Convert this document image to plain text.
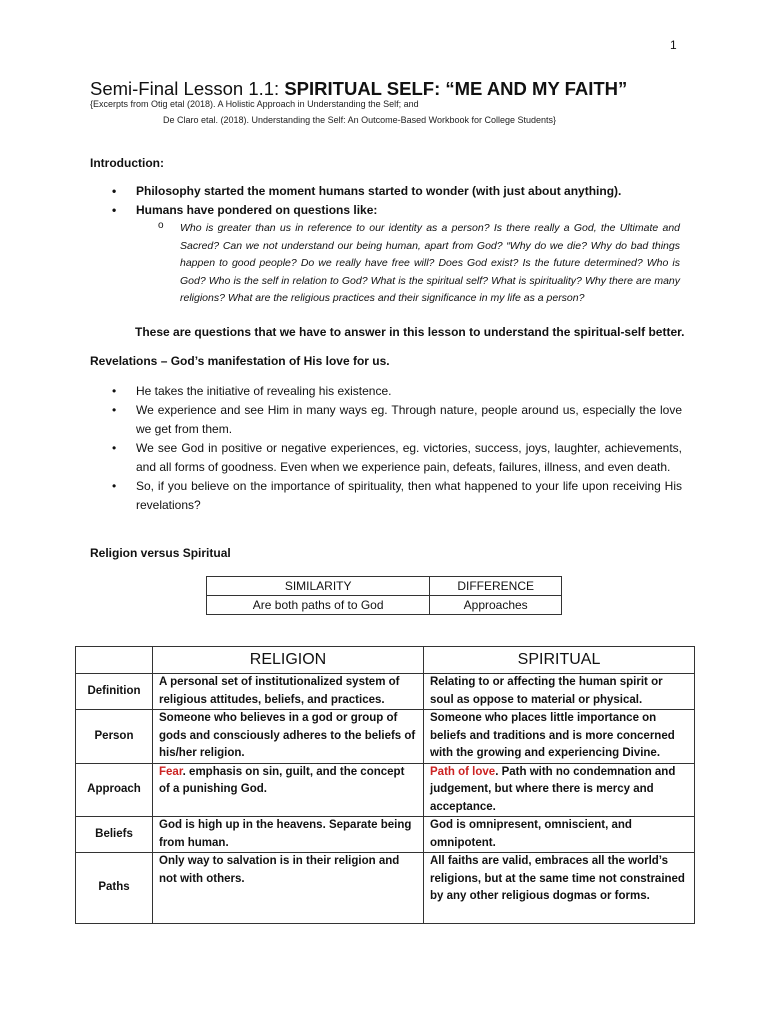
1
Semi-Final Lesson 1.1: SPIRITUAL SELF: “ME AND MY FAITH”
{Excerpts from Otig etal (2018). A Holistic Approach in Understanding the Self; and
De Claro etal. (2018). Understanding the Self: An Outcome-Based Workbook for College Students}
Introduction:
• Philosophy started the moment humans started to wonder (with just about anything).
• Humans have pondered on questions like:
o Who is greater than us in reference to our identity as a person? Is there really a God, the Ultimate and Sacred? Can we not understand our being human, apart from God? “Why do we die? Why do bad things happen to good people? Do we really have free will? Does God exist? Is the future determined? Who is God? Who is the self in relation to God? What is the spiritual self? What is spirituality? Why there are many religions? What are the religious practices and their significance in my life as a person?
These are questions that we have to answer in this lesson to understand the spiritual-self better.
Revelations – God’s manifestation of His love for us.
• He takes the initiative of revealing his existence.
• We experience and see Him in many ways eg. Through nature, people around us, especially the love we get from them.
• We see God in positive or negative experiences, eg. victories, success, joys, laughter, achievements, and all forms of goodness. Even when we experience pain, defeats, failures, illness, and even death.
• So, if you believe on the importance of spirituality, then what happened to your life upon receiving His revelations?
Religion versus Spiritual
SIMILARITY	DIFFERENCE
Are both paths of to God	Approaches
	RELIGION	SPIRITUAL
Definition	A personal set of institutionalized system of religious attitudes, beliefs, and practices.	Relating to or affecting the human spirit or soul as oppose to material or physical.
Person	Someone who believes in a god or group of gods and consciously adheres to the beliefs of his/her religion.	Someone who places little importance on beliefs and traditions and is more concerned with the growing and experiencing Divine.
Approach	Fear. emphasis on sin, guilt, and the concept of a punishing God.	Path of love. Path with no condemnation and judgement, but where there is mercy and acceptance.
Beliefs	God is high up in the heavens. Separate being from human.	God is omnipresent, omniscient, and omnipotent.
Paths	Only way to salvation is in their religion and not with others.	All faiths are valid, embraces all the world’s religions, but at the same time not constrained by any other religious dogmas or forms.
